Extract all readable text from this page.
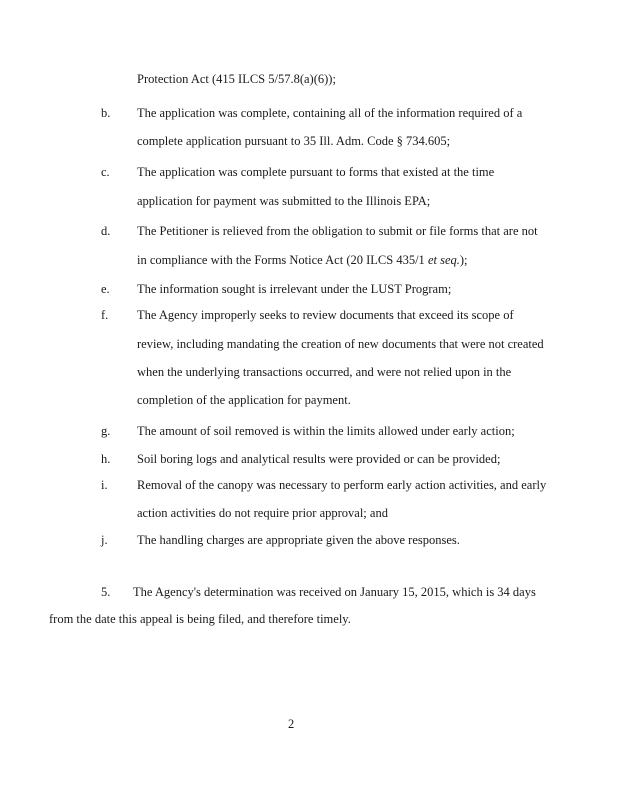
Protection Act (415 ILCS 5/57.8(a)(6));
b. The application was complete, containing all of the information required of a
complete application pursuant to 35 Ill. Adm. Code § 734.605;
c. The application was complete pursuant to forms that existed at the time
application for payment was submitted to the Illinois EPA;
d. The Petitioner is relieved from the obligation to submit or file forms that are not
in compliance with the Forms Notice Act (20 ILCS 435/1 et seq.);
e. The information sought is irrelevant under the LUST Program;
f. The Agency improperly seeks to review documents that exceed its scope of
review, including mandating the creation of new documents that were not created
when the underlying transactions occurred, and were not relied upon in the
completion of the application for payment.
g. The amount of soil removed is within the limits allowed under early action;
h. Soil boring logs and analytical results were provided or can be provided;
i. Removal of the canopy was necessary to perform early action activities, and early
action activities do not require prior approval; and
j. The handling charges are appropriate given the above responses.
5. The Agency's determination was received on January 15, 2015, which is 34 days
from the date this appeal is being filed, and therefore timely.
2
